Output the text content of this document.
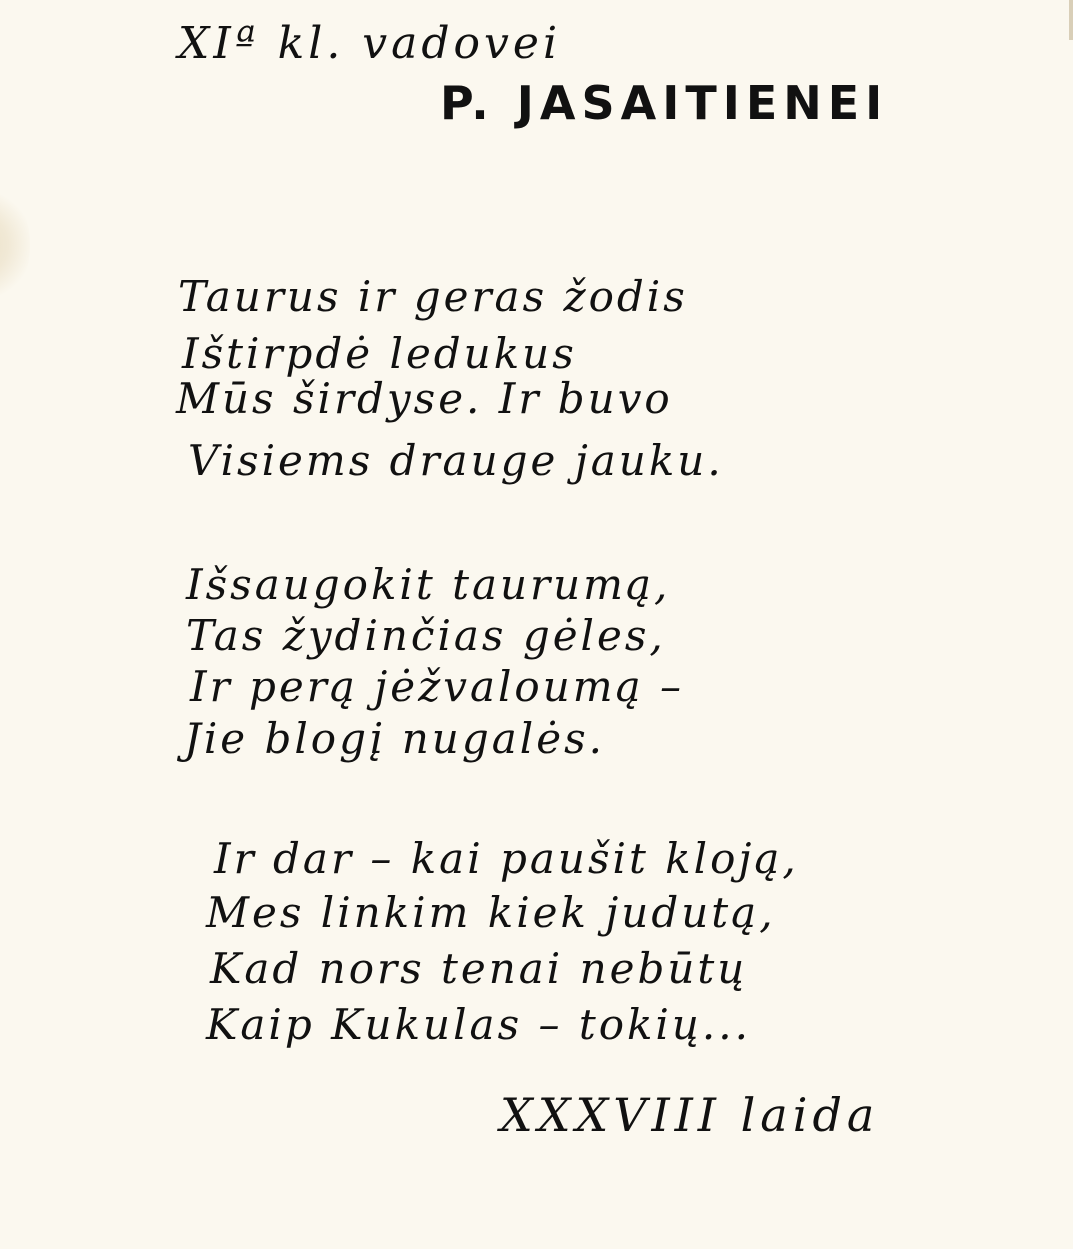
XIª kl. vadovei
P. JASAITIENEI
Taurus ir geras žodis
Ištirpdė ledukus
Mūs širdyse. Ir buvo
Visiems drauge jauku.
Išsaugokit taurumą,
Tas žydinčias gėles,
Ir perą jėžvaloumą –
Jie blogį nugalės.
Ir dar – kai paušit kloją,
Mes linkim kiek judutą,
Kad nors tenai nebūtų
Kaip Kukulas – tokių...
XXXVIII laida
